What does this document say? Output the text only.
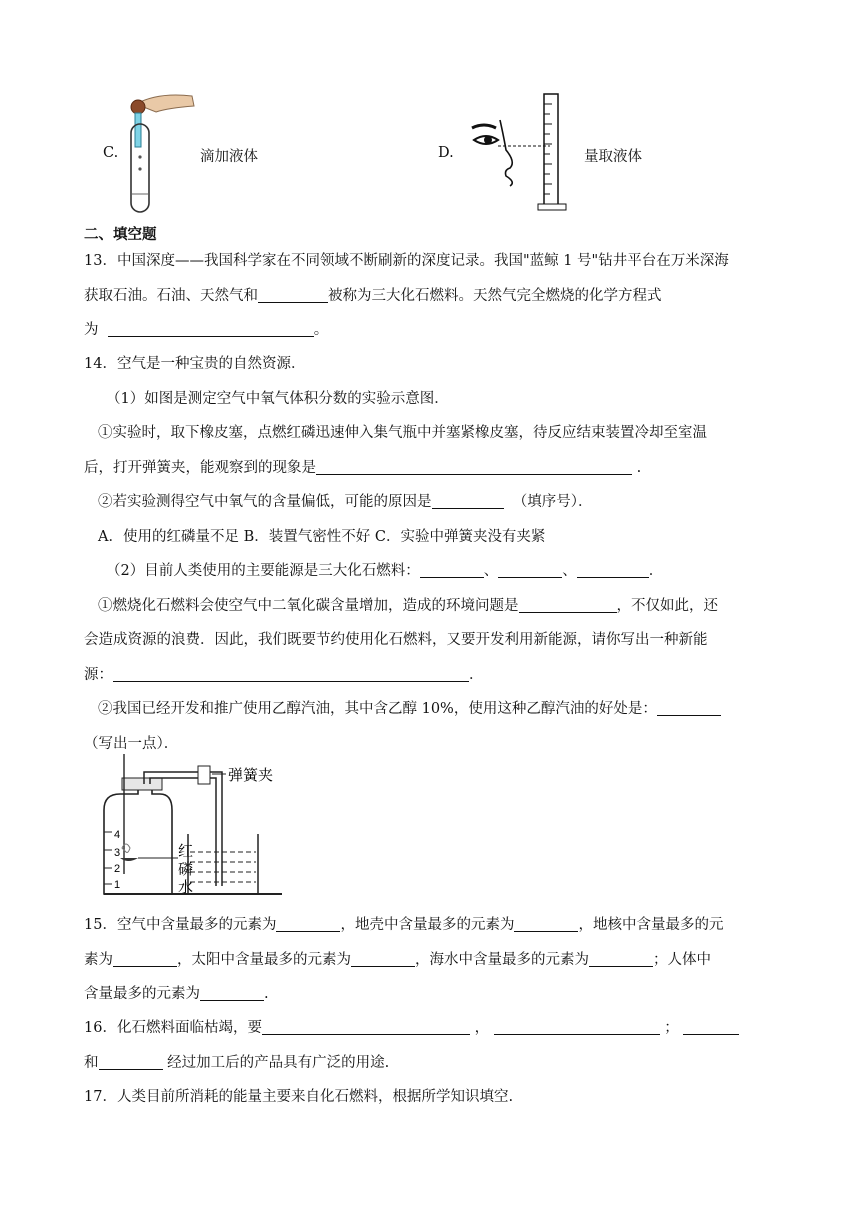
C.	滴加液体	D.	量取液体
二、填空题
13．中国深度——我国科学家在不同领域不断刷新的深度记录。我国"蓝鲸 1 号"钻井平台在万米深海
获取石油。石油、天然气和	被称为三大化石燃料。天然气完全燃烧的化学方程式
为	。
14．空气是一种宝贵的自然资源．
（1）如图是测定空气中氧气体积分数的实验示意图．
①实验时，取下橡皮塞，点燃红磷迅速伸入集气瓶中并塞紧橡皮塞，待反应结束装置冷却至室温
后，打开弹簧夹，能观察到的现象是	.
②若实验测得空气中氧气的含量偏低，可能的原因是	（填序号）．
A．使用的红磷量不足 B．装置气密性不好 C．实验中弹簧夹没有夹紧
（2）目前人类使用的主要能源是三大化石燃料：	、	、	．
①燃烧化石燃料会使空气中二氧化碳含量增加，造成的环境问题是	，不仅如此，还
会造成资源的浪费．因此，我们既要节约使用化石燃料，又要开发利用新能源，请你写出一种新能
源：	．
②我国已经开发和推广使用乙醇汽油，其中含乙醇 10%，使用这种乙醇汽油的好处是：
（写出一点）．
4
3
2
1
弹簧夹
红
磷
水
15．空气中含量最多的元素为	，地壳中含量最多的元素为	，地核中含量最多的元
素为	，太阳中含量最多的元素为	，海水中含量最多的元素为	；人体中
含量最多的元素为	.
16．化石燃料面临枯竭，要	，	；
和	经过加工后的产品具有广泛的用途.
17．人类目前所消耗的能量主要来自化石燃料，根据所学知识填空.
